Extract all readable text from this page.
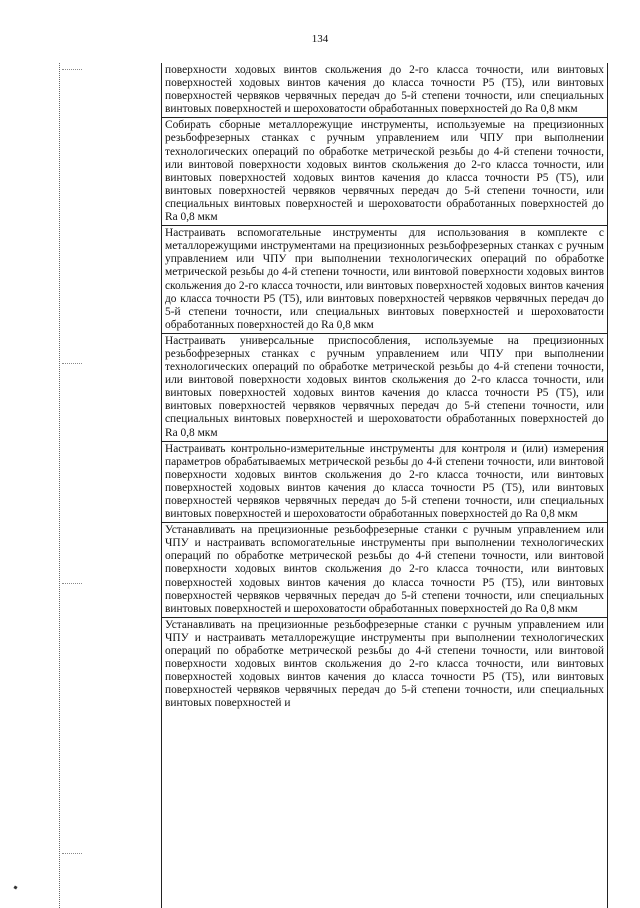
134
поверхности ходовых винтов скольжения до 2-го класса точности, или винтовых поверхностей ходовых винтов качения до класса точности P5 (T5), или винтовых поверхностей червяков червячных передач до 5-й степени точности, или специальных винтовых поверхностей и шероховатости обработанных поверхностей до Ra 0,8 мкм
Собирать сборные металлорежущие инструменты, используемые на прецизионных резьбофрезерных станках с ручным управлением или ЧПУ при выполнении технологических операций по обработке метрической резьбы до 4-й степени точности, или винтовой поверхности ходовых винтов скольжения до 2-го класса точности, или винтовых поверхностей ходовых винтов качения до класса точности P5 (T5), или винтовых поверхностей червяков червячных передач до 5-й степени точности, или специальных винтовых поверхностей и шероховатости обработанных поверхностей до Ra 0,8 мкм
Настраивать вспомогательные инструменты для использования в комплекте с металлорежущими инструментами на прецизионных резьбофрезерных станках с ручным управлением или ЧПУ при выполнении технологических операций по обработке метрической резьбы до 4-й степени точности, или винтовой поверхности ходовых винтов скольжения до 2-го класса точности, или винтовых поверхностей ходовых винтов качения до класса точности P5 (T5), или винтовых поверхностей червяков червячных передач до 5-й степени точности, или специальных винтовых поверхностей и шероховатости обработанных поверхностей до Ra 0,8 мкм
Настраивать универсальные приспособления, используемые на прецизионных резьбофрезерных станках с ручным управлением или ЧПУ при выполнении технологических операций по обработке метрической резьбы до 4-й степени точности, или винтовой поверхности ходовых винтов скольжения до 2-го класса точности, или винтовых поверхностей ходовых винтов качения до класса точности P5 (T5), или винтовых поверхностей червяков червячных передач до 5-й степени точности, или специальных винтовых поверхностей и шероховатости обработанных поверхностей до Ra 0,8 мкм
Настраивать контрольно-измерительные инструменты для контроля и (или) измерения параметров обрабатываемых метрической резьбы до 4-й степени точности, или винтовой поверхности ходовых винтов скольжения до 2-го класса точности, или винтовых поверхностей ходовых винтов качения до класса точности P5 (T5), или винтовых поверхностей червяков червячных передач до 5-й степени точности, или специальных винтовых поверхностей и шероховатости обработанных поверхностей до Ra 0,8 мкм
Устанавливать на прецизионные резьбофрезерные станки с ручным управлением или ЧПУ и настраивать вспомогательные инструменты при выполнении технологических операций по обработке метрической резьбы до 4-й степени точности, или винтовой поверхности ходовых винтов скольжения до 2-го класса точности, или винтовых поверхностей ходовых винтов качения до класса точности P5 (T5), или винтовых поверхностей червяков червячных передач до 5-й степени точности, или специальных винтовых поверхностей и шероховатости обработанных поверхностей до Ra 0,8 мкм
Устанавливать на прецизионные резьбофрезерные станки с ручным управлением или ЧПУ и настраивать металлорежущие инструменты при выполнении технологических операций по обработке метрической резьбы до 4-й степени точности, или винтовой поверхности ходовых винтов скольжения до 2-го класса точности, или винтовых поверхностей ходовых винтов качения до класса точности P5 (T5), или винтовых поверхностей червяков червячных передач до 5-й степени точности, или специальных винтовых поверхностей и
